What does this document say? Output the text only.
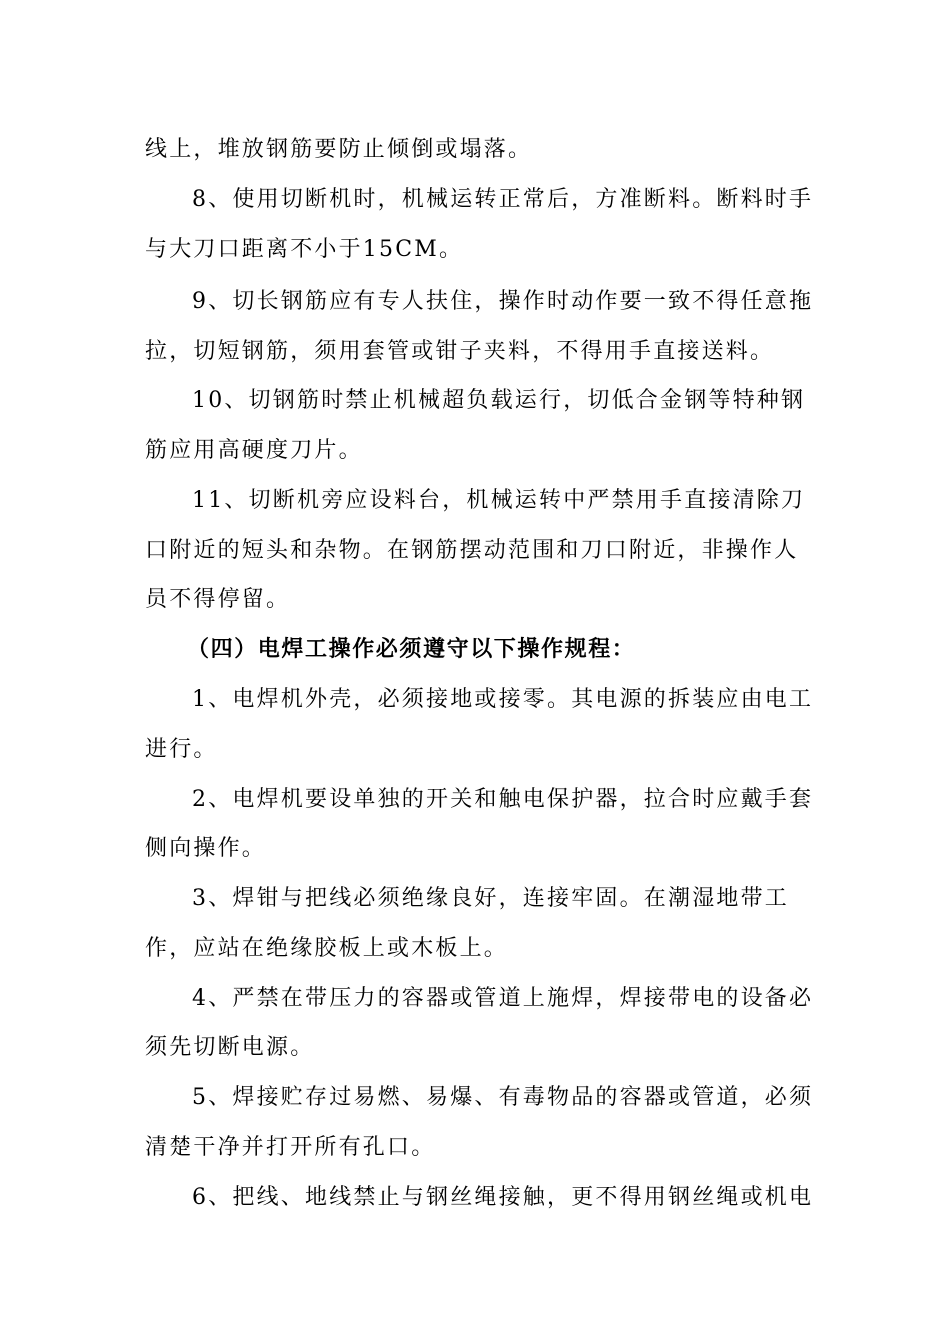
线上，堆放钢筋要防止倾倒或塌落。
8、使用切断机时，机械运转正常后，方准断料。断料时手
与大刀口距离不小于15CM。
9、切长钢筋应有专人扶住，操作时动作要一致不得任意拖
拉，切短钢筋，须用套管或钳子夹料，不得用手直接送料。
10、切钢筋时禁止机械超负载运行，切低合金钢等特种钢
筋应用高硬度刀片。
11、切断机旁应设料台，机械运转中严禁用手直接清除刀
口附近的短头和杂物。在钢筋摆动范围和刀口附近，非操作人
员不得停留。
（四）电焊工操作必须遵守以下操作规程：
1、电焊机外壳，必须接地或接零。其电源的拆装应由电工
进行。
2、电焊机要设单独的开关和触电保护器，拉合时应戴手套
侧向操作。
3、焊钳与把线必须绝缘良好，连接牢固。在潮湿地带工
作，应站在绝缘胶板上或木板上。
4、严禁在带压力的容器或管道上施焊，焊接带电的设备必
须先切断电源。
5、焊接贮存过易燃、易爆、有毒物品的容器或管道，必须
清楚干净并打开所有孔口。
6、把线、地线禁止与钢丝绳接触，更不得用钢丝绳或机电
